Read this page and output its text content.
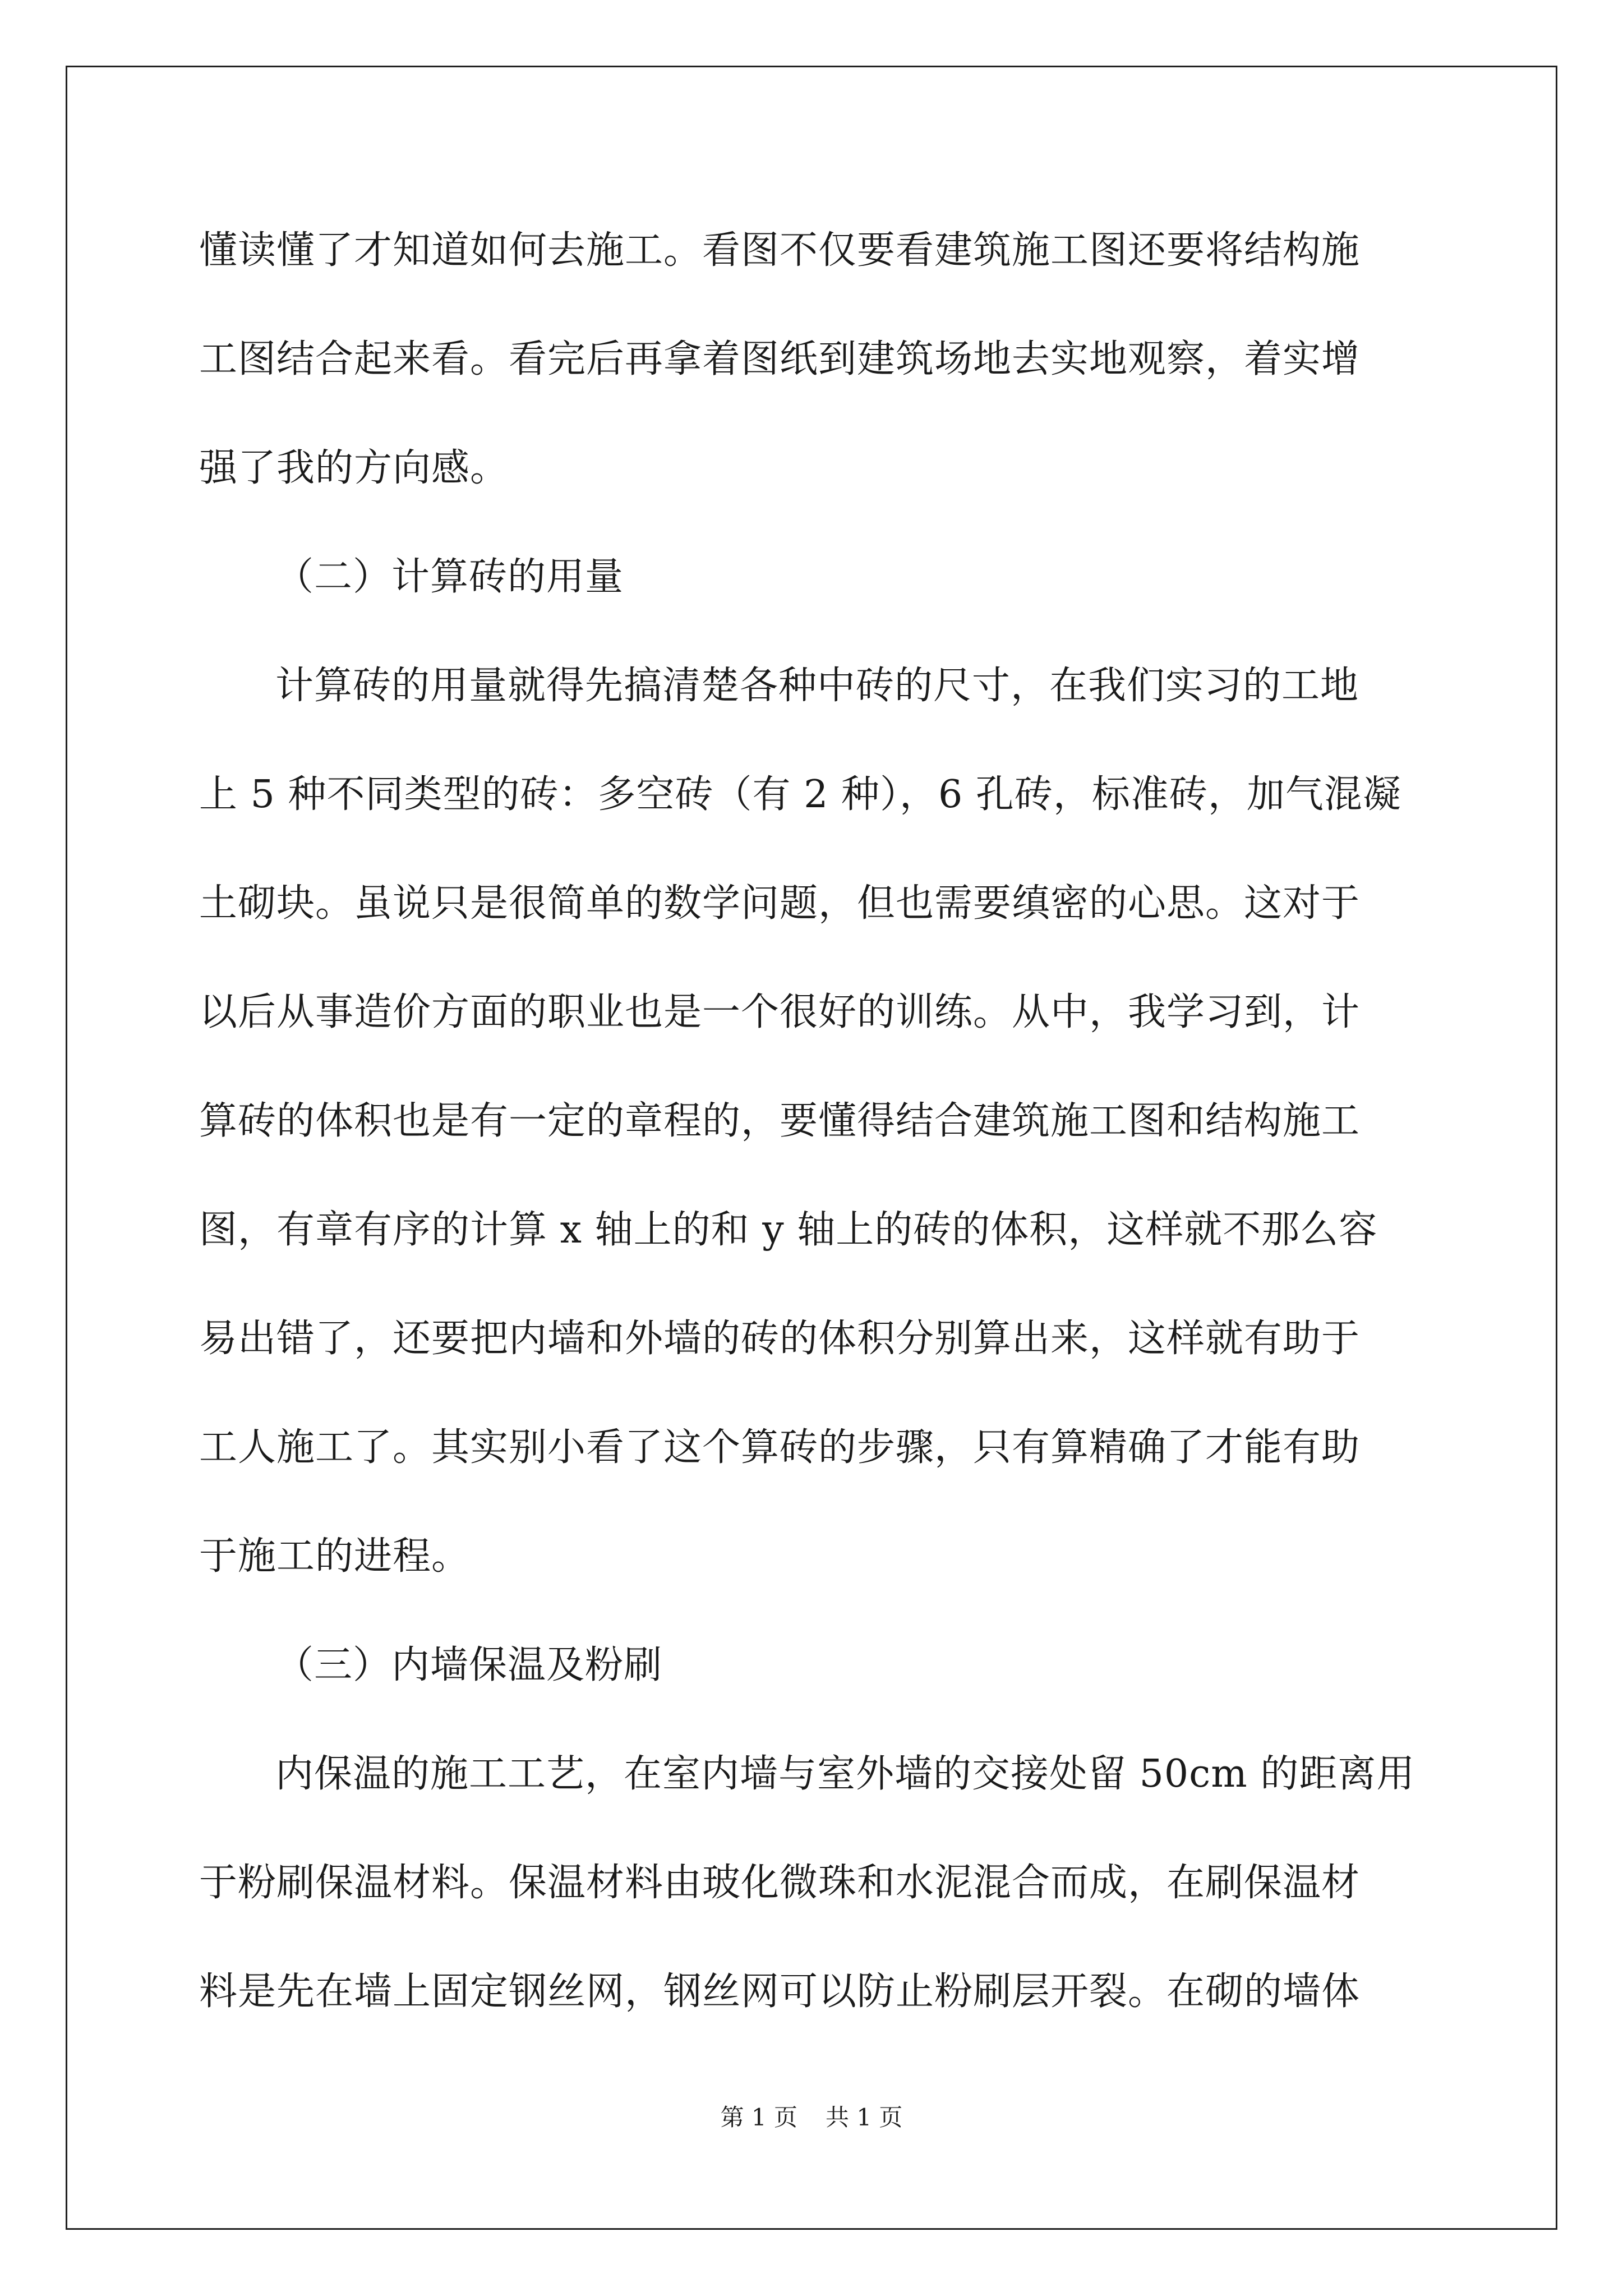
懂读懂了才知道如何去施工。看图不仅要看建筑施工图还要将结构施
工图结合起来看。看完后再拿着图纸到建筑场地去实地观察，着实增
强了我的方向感。
（二）计算砖的用量
计算砖的用量就得先搞清楚各种中砖的尺寸，在我们实习的工地
上 5 种不同类型的砖：多空砖（有 2 种），6 孔砖，标准砖，加气混凝
土砌块。虽说只是很简单的数学问题，但也需要缜密的心思。这对于
以后从事造价方面的职业也是一个很好的训练。从中，我学习到，计
算砖的体积也是有一定的章程的，要懂得结合建筑施工图和结构施工
图，有章有序的计算 x 轴上的和 y 轴上的砖的体积，这样就不那么容
易出错了，还要把内墙和外墙的砖的体积分别算出来，这样就有助于
工人施工了。其实别小看了这个算砖的步骤，只有算精确了才能有助
于施工的进程。
（三）内墙保温及粉刷
内保温的施工工艺，在室内墙与室外墙的交接处留 50cm 的距离用
于粉刷保温材料。保温材料由玻化微珠和水泥混合而成，在刷保温材
料是先在墙上固定钢丝网，钢丝网可以防止粉刷层开裂。在砌的墙体
第 1 页 共 1 页
